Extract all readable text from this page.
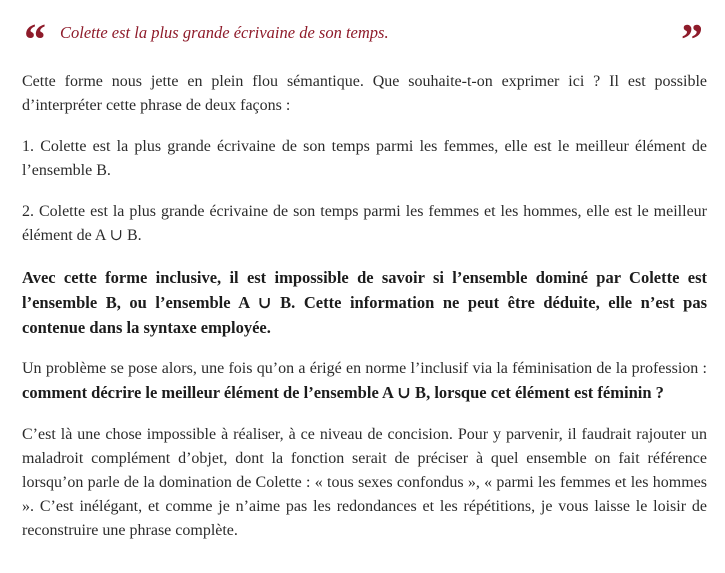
“ Colette est la plus grande écrivaine de son temps.	”

Cette forme nous jette en plein flou sémantique. Que souhaite-t-on exprimer ici ? Il est possible d’interpréter cette phrase de deux façons :

1. Colette est la plus grande écrivaine de son temps parmi les femmes, elle est le meilleur élément de l’ensemble B.

2. Colette est la plus grande écrivaine de son temps parmi les femmes et les hommes, elle est le meilleur élément de A ∪ B.

Avec cette forme inclusive, il est impossible de savoir si l’ensemble dominé par Colette est l’ensemble B, ou l’ensemble A ∪ B. Cette information ne peut être déduite, elle n’est pas contenue dans la syntaxe employée.

Un problème se pose alors, une fois qu’on a érigé en norme l’inclusif via la féminisation de la profession : comment décrire le meilleur élément de l’ensemble A ∪ B, lorsque cet élément est féminin ?

C’est là une chose impossible à réaliser, à ce niveau de concision. Pour y parvenir, il faudrait rajouter un maladroit complément d’objet, dont la fonction serait de préciser à quel ensemble on fait référence lorsqu’on parle de la domination de Colette : « tous sexes confondus », « parmi les femmes et les hommes ». C’est inélégant, et comme je n’aime pas les redondances et les répétitions, je vous laisse le loisir de reconstruire une phrase complète.
